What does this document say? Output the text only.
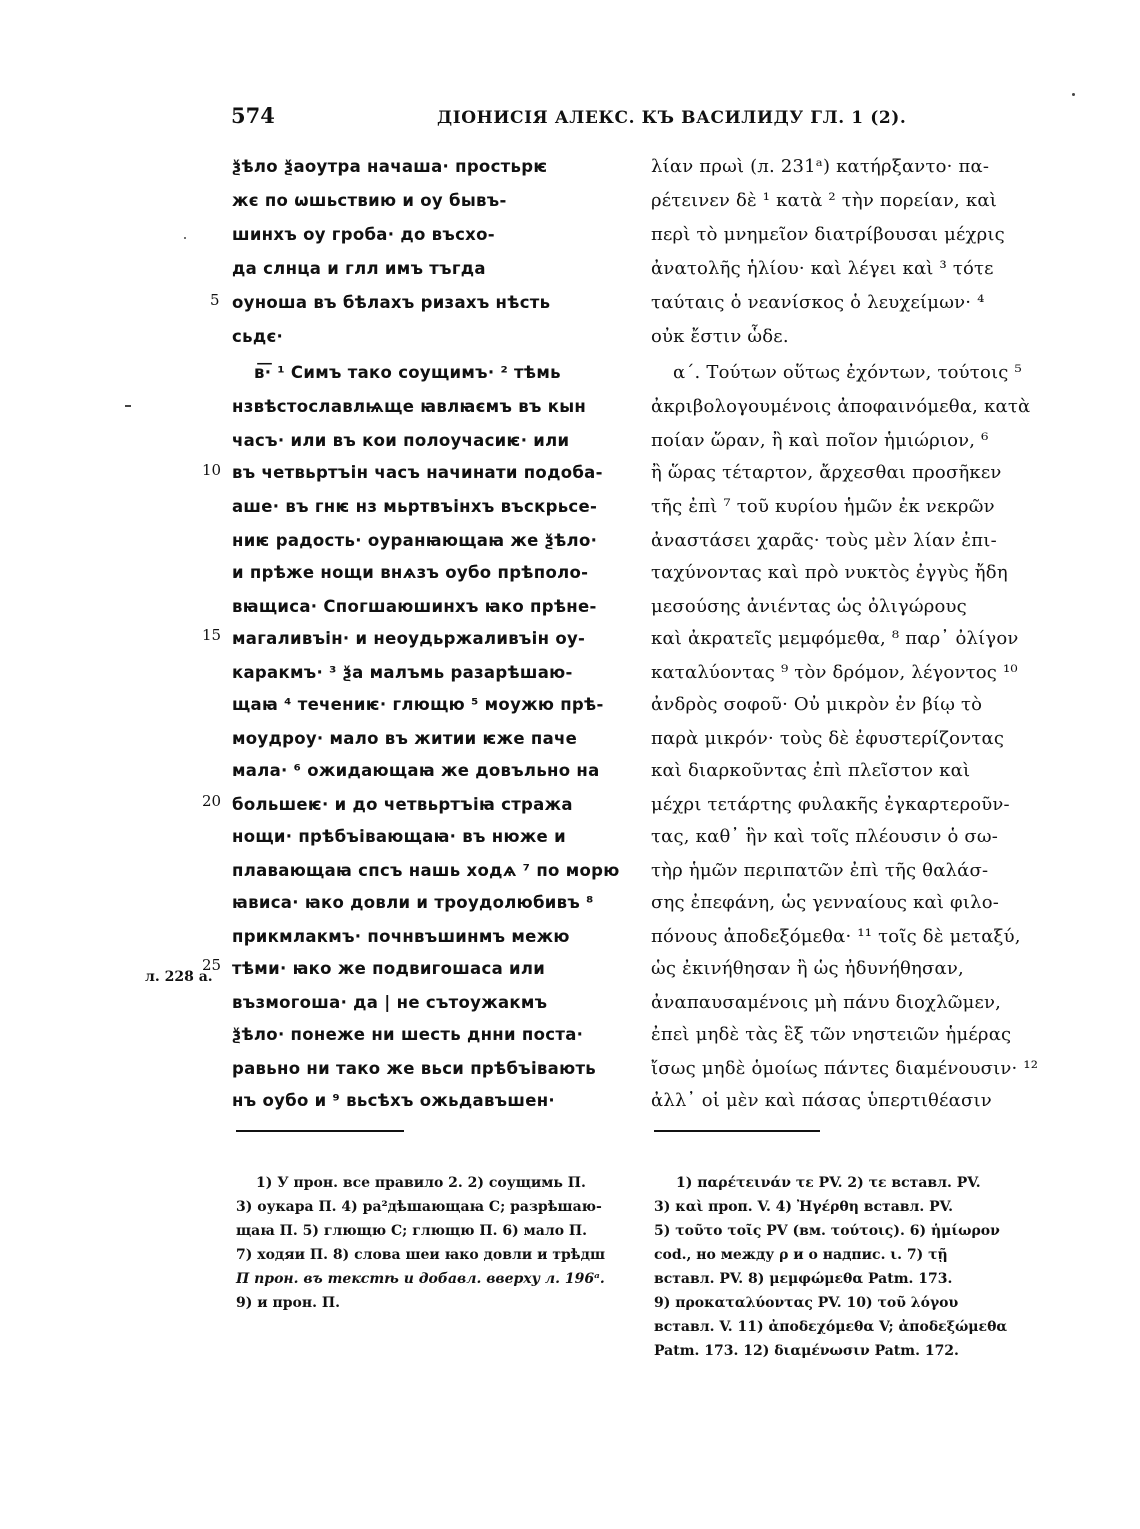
574	ДІОНИСІЯ АЛЕКС. КЪ ВАСИЛИДУ ГЛ. 1 (2).
ѯѣло ѯаоутра начаша· простьрѥ
жє по ѡшьствию и оу бывъ-
шинхъ оу гроба· до въсхо-
да слнца и глл имъ тъгда
оуноша въ бѣлахъ ризахъ нѣсть
сьдє·
в͞· ¹ Симъ тако соущимъ· ² тѣмь
нзвѣстославлѩще ꙗвлꙗємъ въ кын
часъ· или въ кои полоучасиѥ· или
въ четвьртъін часъ начинати подоба-
аше· въ гнѥ нз мьртвъінхъ въскрьсе-
ниѥ радость· оуранꙗющаꙗ же ѯѣло·
и прѣже нощи внѧзъ оубо прѣполо-
вꙗщиса· Спогшаюшинхъ ꙗко прѣне-
магаливъін· и неоудьржаливъін оу-
каракмъ· ³ ѯа малъмь разарѣшаю-
щаꙗ ⁴ течениѥ· глющю ⁵ моужю прѣ-
моудроу· мало въ житии ѥже паче
мала· ⁶ ожидающаꙗ же довъльно на
большеѥ· и до четвьртъіꙗ стража
нощи· прѣбъівающаꙗ· въ нюже и
плавающаꙗ спсъ нашь ходѧ ⁷ по морю
ꙗвиса· ꙗко довли и троудолюбивъ ⁸
прикмлакмъ· почнвъшинмъ межю
тѣми· ꙗко же подвигошаса или
възмогоша· да | не сътоужакмъ
ѯѣло· понеже ни шесть днни поста·
равьно ни тако же вьси прѣбъівають
нъ оубо и ⁹ вьсѣхъ ожьдавъшен·
5
10
15
20
25
л. 228 а.
λίαν πρωὶ (л. 231ᵃ) κατήρξαντο· πα-
ρέτεινεν δὲ ¹ κατὰ ² τὴν πορείαν, καὶ
περὶ τὸ μνημεῖον διατρίβουσαι μέχρις
ἀνατολῆς ἡλίου· καὶ λέγει καὶ ³ τότε
ταύταις ὁ νεανίσκος ὁ λευχείμων· ⁴
οὐκ ἔστιν ὧδε.
α΄. Τούτων οὕτως ἐχόντων, τούτοις ⁵
ἀκριβολογουμένοις ἀποφαινόμεθα, κατὰ
ποίαν ὥραν, ἢ καὶ ποῖον ἡμιώριον, ⁶
ἢ ὥρας τέταρτον, ἄρχεσθαι προσῆκεν
τῆς ἐπὶ ⁷ τοῦ κυρίου ἡμῶν ἐκ νεκρῶν
ἀναστάσει χαρᾶς· τοὺς μὲν λίαν ἐπι-
ταχύνοντας καὶ πρὸ νυκτὸς ἐγγὺς ἤδη
μεσούσης ἀνιέντας ὡς ὀλιγώρους
καὶ ἀκρατεῖς μεμφόμεθα, ⁸ παρ᾽ ὀλίγον
καταλύοντας ⁹ τὸν δρόμον, λέγοντος ¹⁰
ἀνδρὸς σοφοῦ· Οὐ μικρὸν ἐν βίῳ τὸ
παρὰ μικρόν· τοὺς δὲ ἐφυστερίζοντας
καὶ διαρκοῦντας ἐπὶ πλεῖστον καὶ
μέχρι τετάρτης φυλακῆς ἐγκαρτεροῦν-
τας, καθ᾽ ἣν καὶ τοῖς πλέουσιν ὁ σω-
τὴρ ἡμῶν περιπατῶν ἐπὶ τῆς θαλάσ-
σης ἐπεφάνη, ὡς γενναίους καὶ φιλο-
πόνους ἀποδεξόμεθα· ¹¹ τοῖς δὲ μεταξύ,
ὡς ἐκινήθησαν ἢ ὡς ἠδυνήθησαν,
ἀναπαυσαμένοις μὴ πάνυ διοχλῶμεν,
ἐπεὶ μηδὲ τὰς ἓξ τῶν νηστειῶν ἡμέρας
ἴσως μηδὲ ὁμοίως πάντες διαμένουσιν· ¹²
ἀλλ᾽ οἱ μὲν καὶ πάσας ὑπερτιθέασιν
1) У прон. все правило 2. 2) соущимь П.
3) оукара П. 4) ра²дѣшающаꙗ С; разрѣшаю-
щаꙗ П. 5) глющю С; глющю П. 6) мало П.
7) ходяи П. 8) слова шеи ꙗко довли и трѣдш
П прон. въ текстѣ и добавл. вверху л. 196ᵃ.
9) и прон. П.
1) παρέτεινάν τε PV. 2) τε вставл. PV.
3) καὶ проп. V. 4) Ἠγέρθη вставл. PV.
5) τοῦτο τοῖς PV (вм. τούτοις). 6) ἡμίωρον
cod., но между ρ и ο надпис. ι. 7) τῇ
вставл. PV. 8) μεμφώμεθα Patm. 173.
9) προκαταλύοντας PV. 10) τοῦ λόγου
вставл. V. 11) ἀποδεχόμεθα V; ἀποδεξώμεθα
Patm. 173. 12) διαμένωσιν Patm. 172.
